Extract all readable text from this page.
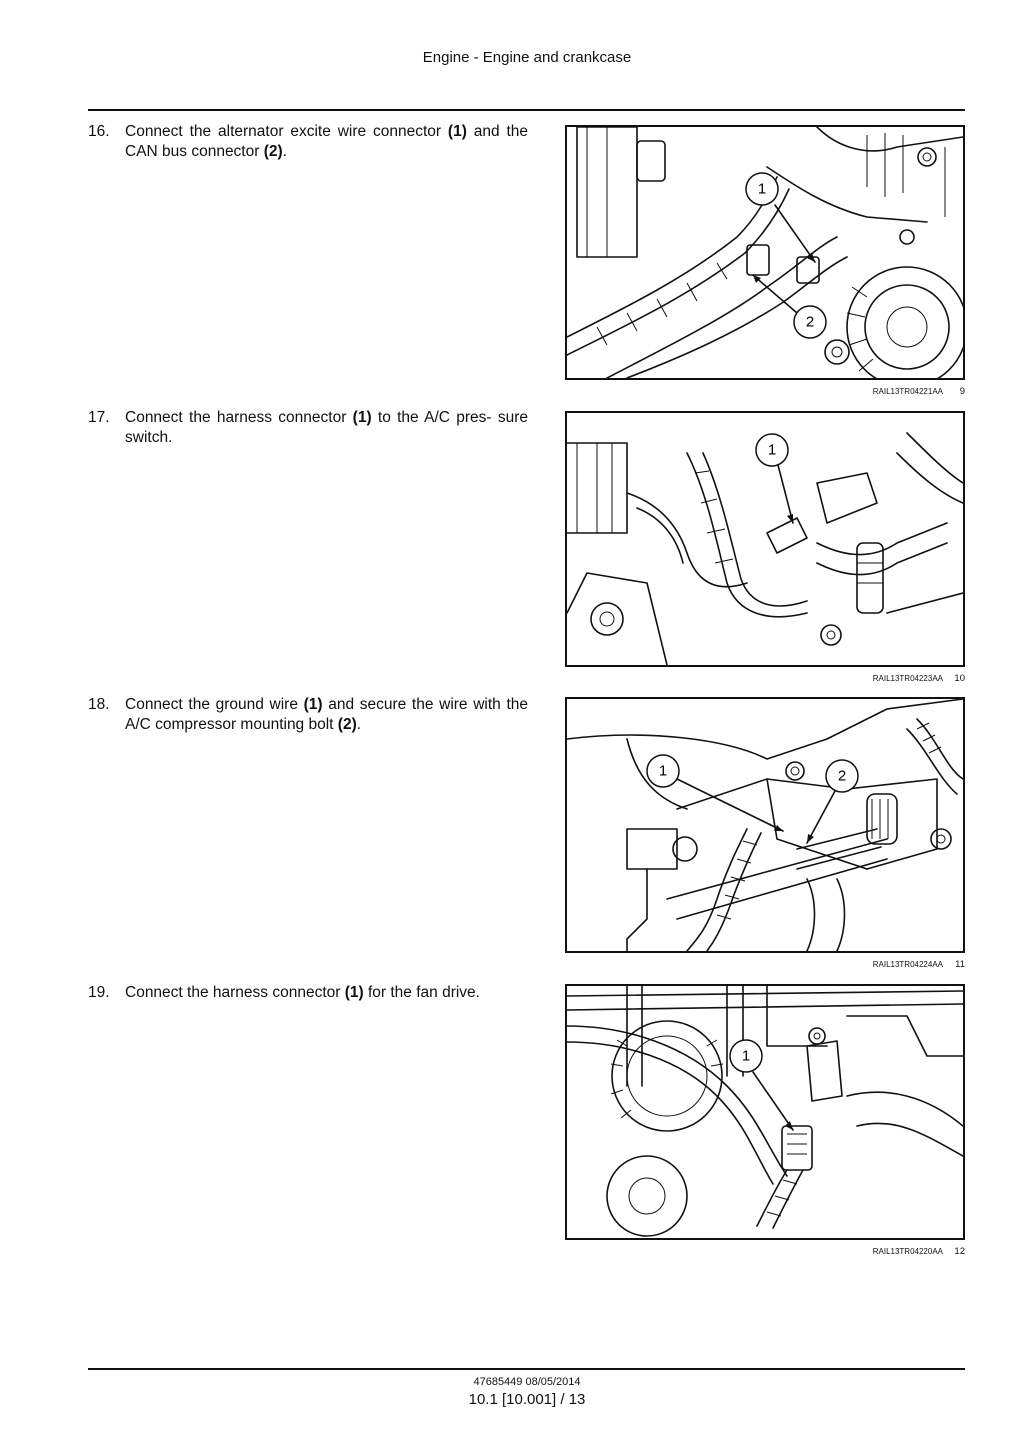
Engine - Engine and crankcase
16. Connect the alternator excite wire connector (1) and the CAN bus connector (2).
1
2
RAIL13TR04221AA 9
17. Connect the harness connector (1) to the A/C pres- sure switch.
1
RAIL13TR04223AA 10
18. Connect the ground wire (1) and secure the wire with the A/C compressor mounting bolt (2).
1	2
RAIL13TR04224AA 11
19. Connect the harness connector (1) for the fan drive.
1
RAIL13TR04220AA 12
47685449 08/05/2014
10.1 [10.001] / 13
